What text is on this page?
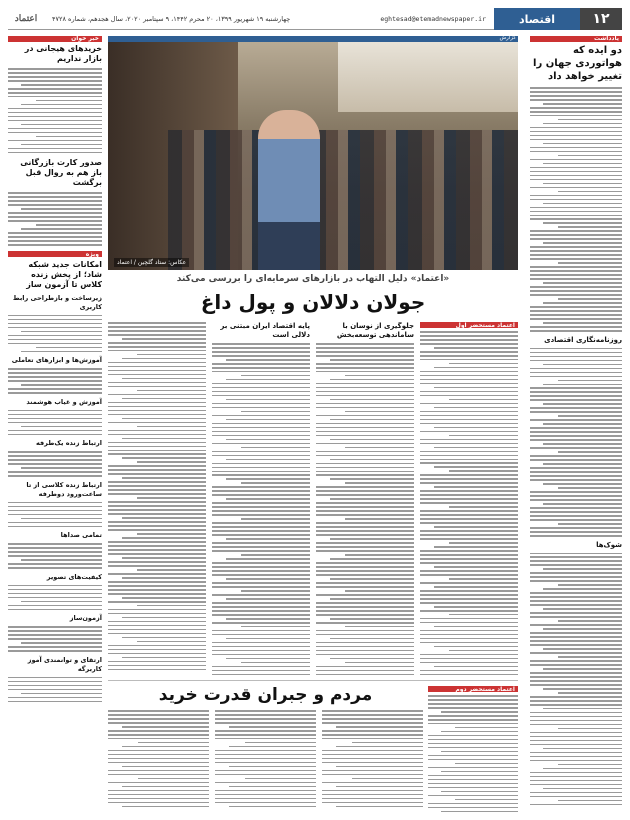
۱۲
اقتصاد
eghtesad@etemadnewspaper.ir
چهارشنبه ۱۹ شهریور ۱۳۹۹، ۲۰ محرم ۱۴۴۲، ۹ سپتامبر ۲۰۲۰، سال هجدهم، شماره ۴۷۲۸
اعتماد
یادداشت
دو ایده که هواتوردی جهان را تغییر خواهد داد
روزنامه‌نگاری اقتصادی
شوک‌ها
خبر خوان
خریدهای هیجانی در بازار نداریم
صدور کارت بازرگانی باز هم به روال قبل برگشت
ویژه
امکانات جدید شبکه شاد؛ از پخش زنده کلاس تا آزمون ساز
زیرساخت و بازطراحی رابط کاربری
آموزش‌ها و ابزارهای تعاملی
آموزش و غیاب هوشمند
ارتباط زنده یک‌طرفه
ارتباط زنده کلاسی از تا ساعت‌ورود دوطرفه
تمامی صداها
کیفیت‌های تصویر
آزمون‌ساز
ارتقای و توانمندی آموز کاربرگه
عکاس: ستاد گلچین / اعتماد
گزارش
«اعتماد» دلیل التهاب در بازارهای سرمایه‌ای را بررسی می‌کند
جولان دلالان و پول داغ
اعتماد مستحضر اول
جلوگیری از نوسان با ساماندهی توسعه‌بخش
پایه اقتصاد ایران مبتنی بر دلالی است
مردم و جبران قدرت خرید	اعتماد مستحضر دوم
